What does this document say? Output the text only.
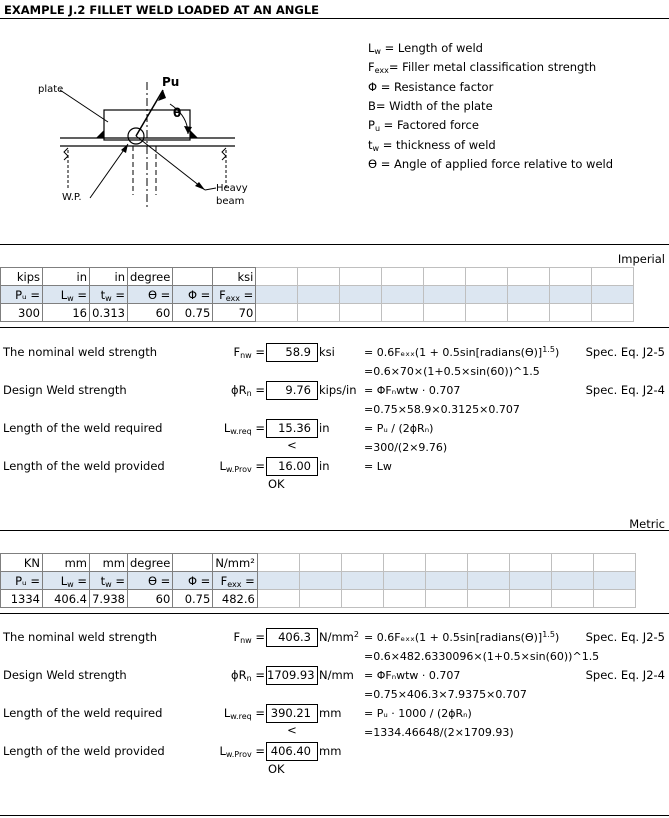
EXAMPLE J.2 FILLET WELD LOADED AT AN ANGLE
plate
Pu
θ
W.P.
Heavy
beam
Lw = Length of weld
Fexx= Filler metal classification strength
Φ = Resistance factor
B= Width of the plate
Pu = Factored force
tw = thickness of weld
ϴ = Angle of applied force relative to weld
Imperial
kips	in	in	degree		ksi									
Pᵤ =	Lw =	tw =	ϴ =	Φ =	Fexx =									
300	16	0.313	60	0.75	70									
The nominal weld strength	Fnw =	58.9 ksi	= 0.6Fₑₓₓ(1 + 0.5sin[radians(ϴ)]$^{1.5}$)
=0.6×70×(1+0.5×sin(60))^1.5
Spec. Eq. J2-5
Design Weld strength	ϕRn =	9.76 kips/in = ΦFₙwtw · 0.707
=0.75×58.9×0.3125×0.707
Spec. Eq. J2-4
Length of the weld required	Lw.req =	15.36 in	= Pᵤ / (2ϕRₙ)
=300/(2×9.76)
Length of the weld provided	Lw.Prov =	16.00 in	= Lw
<
OK
Metric
KN	mm	mm	degree		N/mm²									
Pᵤ =	Lw =	tw =	ϴ =	Φ =	Fexx =									
1334	406.4	7.938	60	0.75	482.6									
The nominal weld strength	Fnw =	406.3 $N/mm^2 = 0.6F_{exx}(1$ + 0.5sin[radians(ϴ)]$^{1.5}$)
=0.6×482.6330096×(1+0.5×sin(60))^1.5
Spec. Eq. J2-5
Design Weld strength	ϕRn = 1709.93 N/mm = ΦFₙwtw · 0.707
=0.75×406.3×7.9375×0.707
Spec. Eq. J2-4
Length of the weld required	Lw.req = 390.21 mm = Pᵤ · 1000 / (2ϕRₙ)
=1334.46648/(2×1709.93)
Length of the weld provided	Lw.Prov = 406.40 mm
<
OK
